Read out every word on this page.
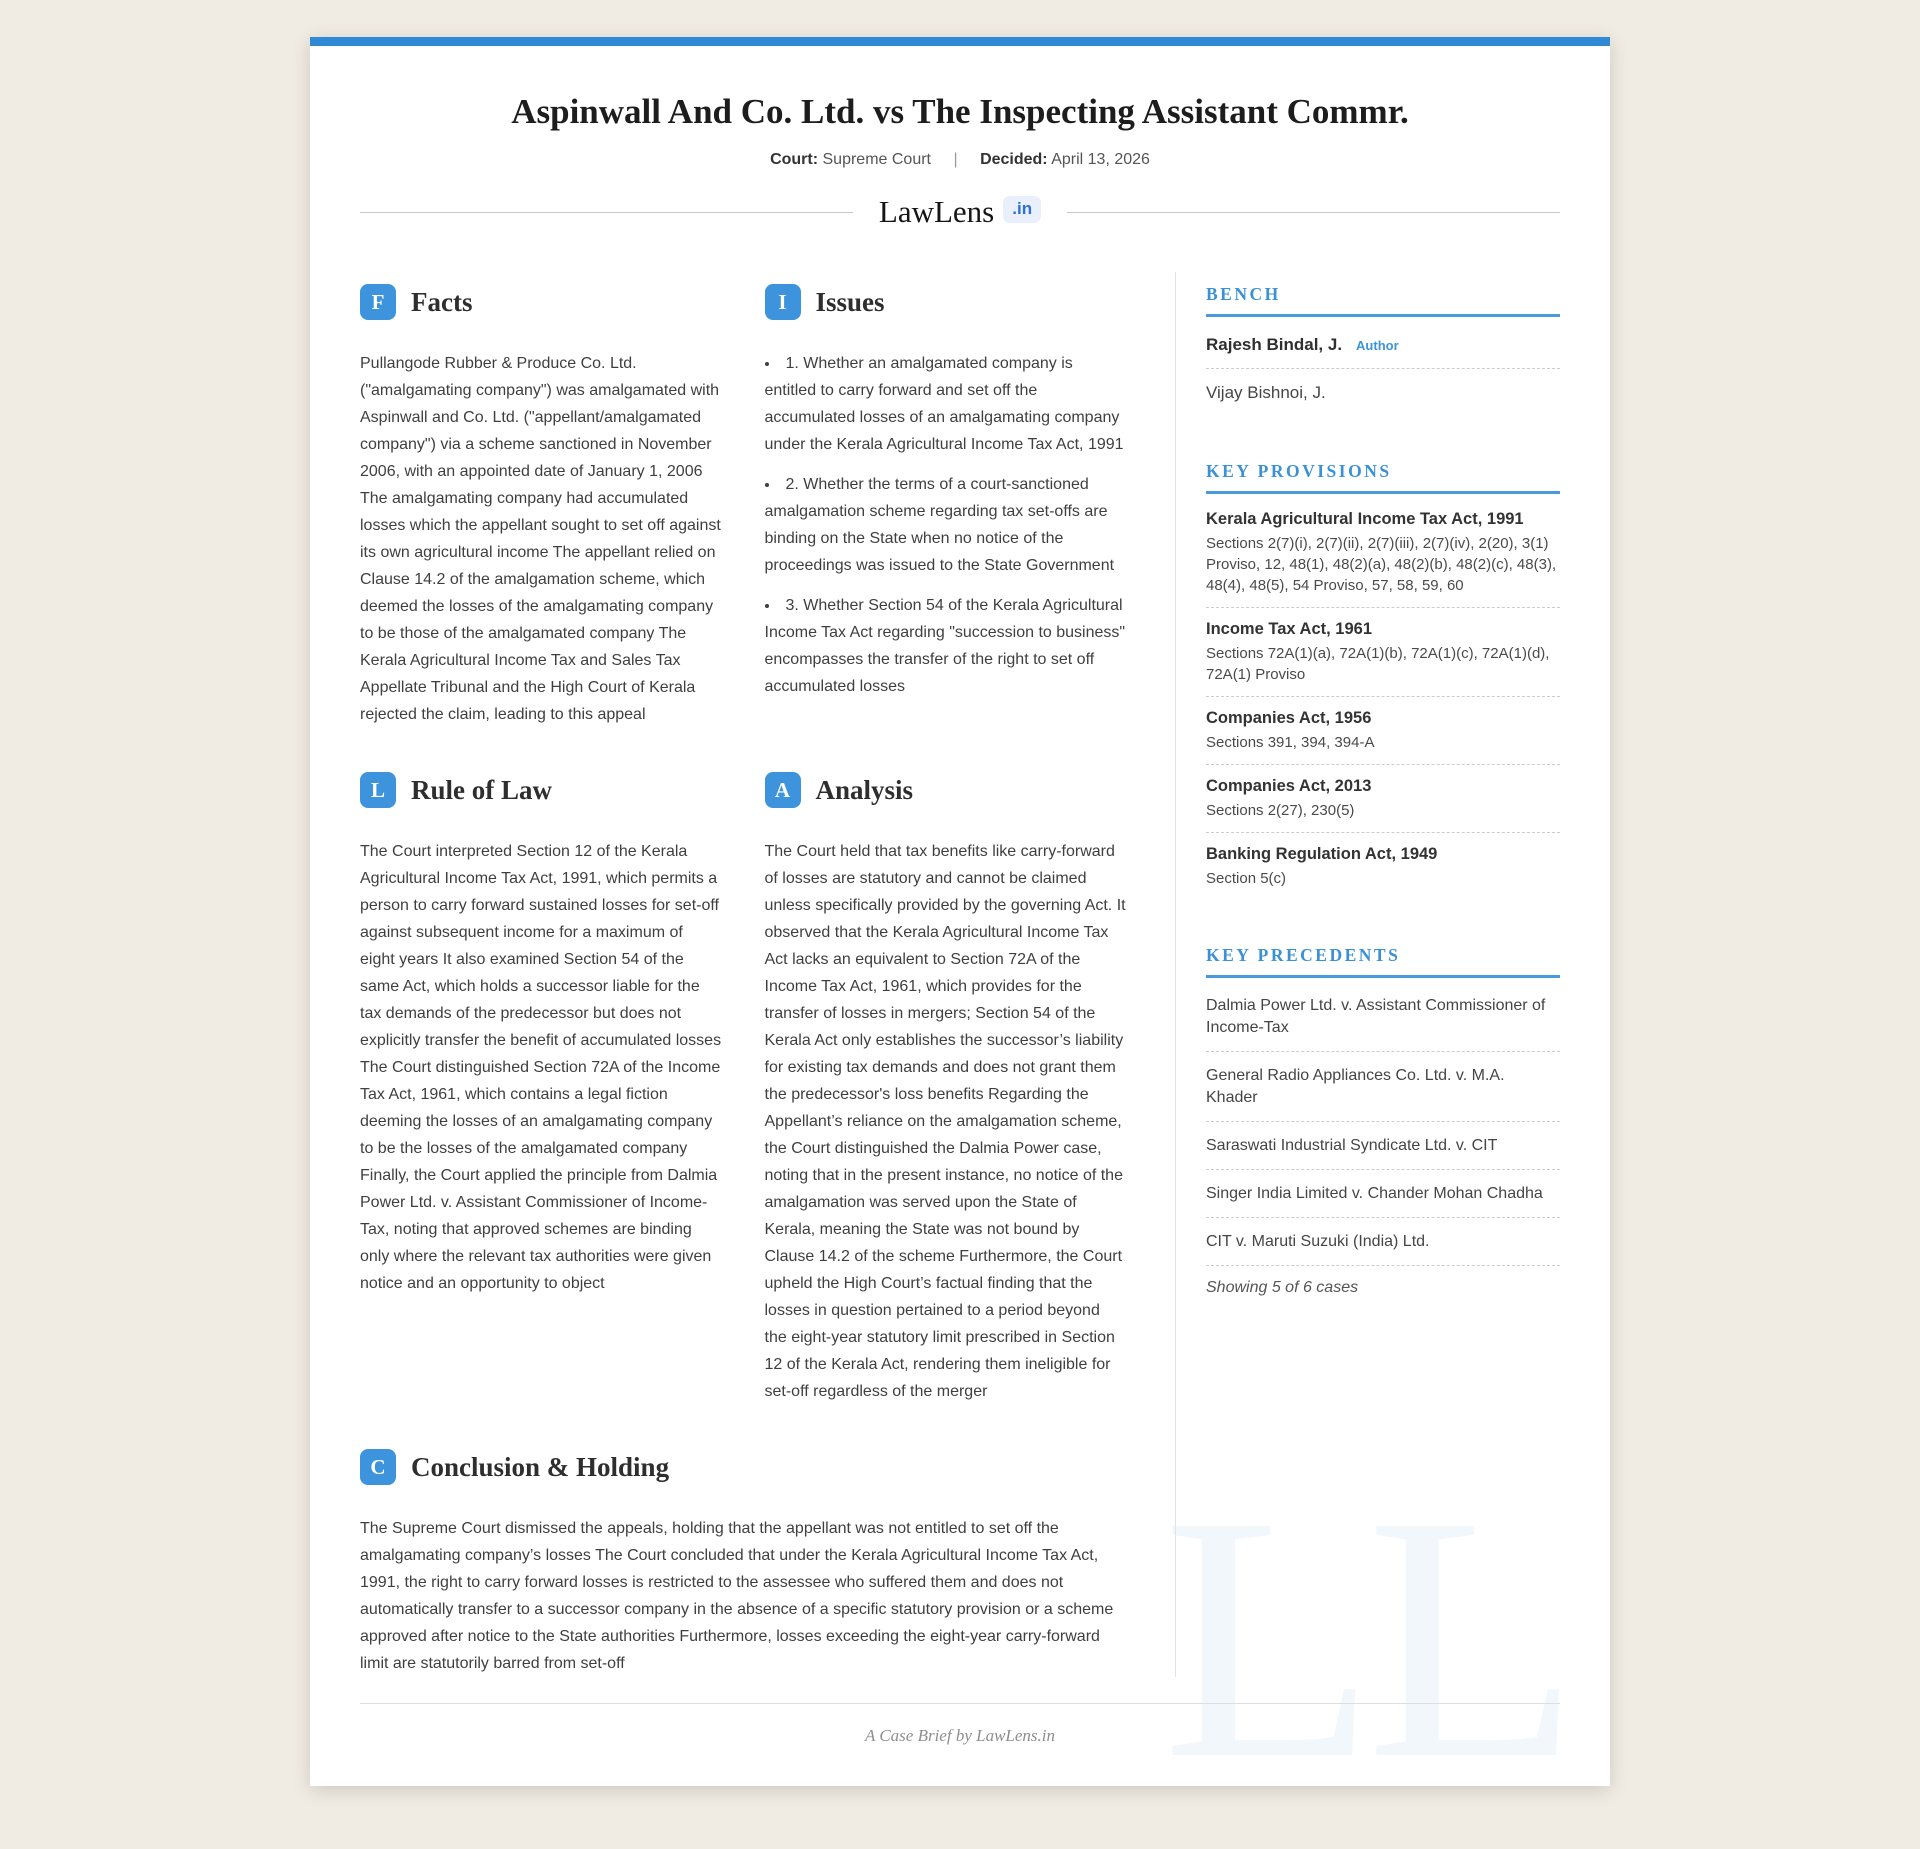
LL
Aspinwall And Co. Ltd. vs The Inspecting Assistant Commr.
Court: Supreme Court | Decided: April 13, 2026
LawLens	.in
F Facts

Pullangode Rubber & Produce Co. Ltd. ("amalgamating company") was amalgamated with Aspinwall and Co. Ltd. ("appellant/amalgamated company") via a scheme sanctioned in November 2006, with an appointed date of January 1, 2006 The amalgamating company had accumulated losses which the appellant sought to set off against its own agricultural income The appellant relied on Clause 14.2 of the amalgamation scheme, which deemed the losses of the amalgamating company to be those of the amalgamated company The Kerala Agricultural Income Tax and Sales Tax Appellate Tribunal and the High Court of Kerala rejected the claim, leading to this appeal

I	Issues
• 1. Whether an amalgamated company is entitled to carry forward and set off the accumulated losses of an amalgamating company under the Kerala Agricultural Income Tax Act, 1991
• 2. Whether the terms of a court-sanctioned amalgamation scheme regarding tax set-offs are binding on the State when no notice of the proceedings was issued to the State Government
• 3. Whether Section 54 of the Kerala Agricultural Income Tax Act regarding "succession to business" encompasses the transfer of the right to set off accumulated losses
L Rule of Law

The Court interpreted Section 12 of the Kerala Agricultural Income Tax Act, 1991, which permits a person to carry forward sustained losses for set-off against subsequent income for a maximum of eight years It also examined Section 54 of the same Act, which holds a successor liable for the tax demands of the predecessor but does not explicitly transfer the benefit of accumulated losses The Court distinguished Section 72A of the Income Tax Act, 1961, which contains a legal fiction deeming the losses of an amalgamating company to be the losses of the amalgamated company Finally, the Court applied the principle from Dalmia Power Ltd. v. Assistant Commissioner of Income-Tax, noting that approved schemes are binding only where the relevant tax authorities were given notice and an opportunity to object

A Analysis

The Court held that tax benefits like carry-forward of losses are statutory and cannot be claimed unless specifically provided by the governing Act. It observed that the Kerala Agricultural Income Tax Act lacks an equivalent to Section 72A of the Income Tax Act, 1961, which provides for the transfer of losses in mergers; Section 54 of the Kerala Act only establishes the successor’s liability for existing tax demands and does not grant them the predecessor's loss benefits Regarding the Appellant’s reliance on the amalgamation scheme, the Court distinguished the Dalmia Power case, noting that in the present instance, no notice of the amalgamation was served upon the State of Kerala, meaning the State was not bound by Clause 14.2 of the scheme Furthermore, the Court upheld the High Court’s factual finding that the losses in question pertained to a period beyond the eight-year statutory limit prescribed in Section 12 of the Kerala Act, rendering them ineligible for set-off regardless of the merger

C Conclusion & Holding

The Supreme Court dismissed the appeals, holding that the appellant was not entitled to set off the amalgamating company’s losses The Court concluded that under the Kerala Agricultural Income Tax Act, 1991, the right to carry forward losses is restricted to the assessee who suffered them and does not automatically transfer to a successor company in the absence of a specific statutory provision or a scheme approved after notice to the State authorities Furthermore, losses exceeding the eight-year carry-forward limit are statutorily barred from set-off

BENCH
Rajesh Bindal, J. Author
Vijay Bishnoi, J.
KEY PROVISIONS
Kerala Agricultural Income Tax Act, 1991
Sections 2(7)(i), 2(7)(ii), 2(7)(iii), 2(7)(iv), 2(20), 3(1) Proviso, 12, 48(1), 48(2)(a), 48(2)(b), 48(2)(c), 48(3), 48(4), 48(5), 54 Proviso, 57, 58, 59, 60
Income Tax Act, 1961
Sections 72A(1)(a), 72A(1)(b), 72A(1)(c), 72A(1)(d), 72A(1) Proviso
Companies Act, 1956
Sections 391, 394, 394-A
Companies Act, 2013
Sections 2(27), 230(5)
Banking Regulation Act, 1949
Section 5(c)
KEY PRECEDENTS
Dalmia Power Ltd. v. Assistant Commissioner of Income-Tax
General Radio Appliances Co. Ltd. v. M.A. Khader
Saraswati Industrial Syndicate Ltd. v. CIT
Singer India Limited v. Chander Mohan Chadha
CIT v. Maruti Suzuki (India) Ltd.
Showing 5 of 6 cases
A Case Brief by LawLens.in
